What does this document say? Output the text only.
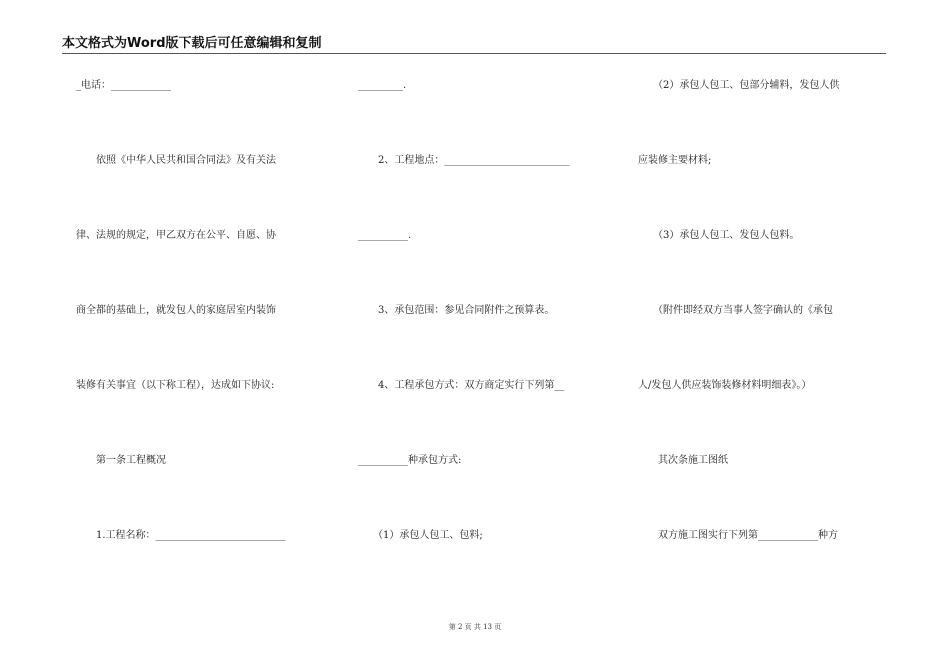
本文格式为Word版下载后可任意编辑和复制
_电话：____________
　　依照《中华人民共和国合同法》及有关法
律、法规的规定，甲乙双方在公平、自愿、协
商全都的基础上，就发包人的家庭居室内装饰
装修有关事宜（以下称工程），达成如下协议:
　　第一条工程概况
　　1.工程名称：__________________________
_________.
　　2、工程地点：_________________________
__________.
　　3、承包范围：参见合同附件之预算表。
　　4、工程承包方式：双方商定实行下列第__
__________种承包方式:
　　（1）承包人包工、包料;
　　（2）承包人包工、包部分辅料，发包人供
应装修主要材料;
　　（3）承包人包工、发包人包料。
　　（附件即经双方当事人签字确认的《承包
人/发包人供应装饰装修材料明细表》。）
　　其次条施工图纸
　　双方施工图实行下列第____________种方
第 2 页 共 13 页
